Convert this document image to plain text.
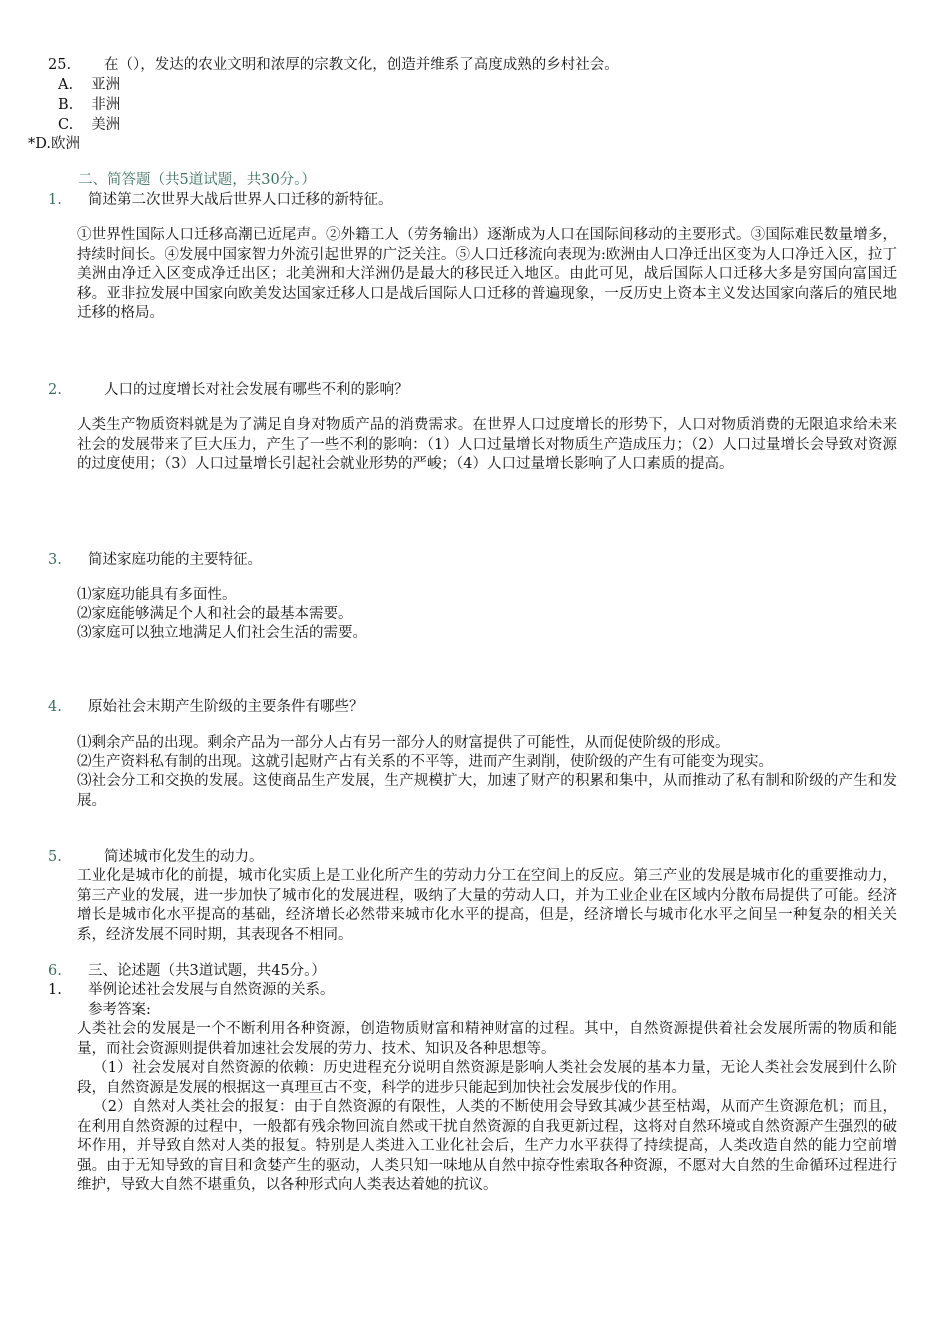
25. 在（），发达的农业文明和浓厚的宗教文化，创造并维系了高度成熟的乡村社会。
A. 亚洲
B. 非洲
C. 美洲
*D.欧洲
二、简答题（共5道试题，共30分。）
1. 简述第二次世界大战后世界人口迁移的新特征。
①世界性国际人口迁移高潮已近尾声。②外籍工人（劳务输出）逐渐成为人口在国际间移动的主要形式。③国际难民数量增多，持续时间长。④发展中国家智力外流引起世界的广泛关注。⑤人口迁移流向表现为:欧洲由人口净迁出区变为人口净迁入区，拉丁美洲由净迁入区变成净迁出区；北美洲和大洋洲仍是最大的移民迁入地区。由此可见，战后国际人口迁移大多是穷国向富国迁移。亚非拉发展中国家向欧美发达国家迁移人口是战后国际人口迁移的普遍现象，一反历史上资本主义发达国家向落后的殖民地迁移的格局。
2.	人口的过度增长对社会发展有哪些不利的影响？
人类生产物质资料就是为了满足自身对物质产品的消费需求。在世界人口过度增长的形势下，人口对物质消费的无限追求给未来社会的发展带来了巨大压力，产生了一些不利的影响：（1）人口过量增长对物质生产造成压力；（2）人口过量增长会导致对资源的过度使用；（3）人口过量增长引起社会就业形势的严峻；（4）人口过量增长影响了人口素质的提高。
3. 简述家庭功能的主要特征。
⑴家庭功能具有多面性。
⑵家庭能够满足个人和社会的最基本需要。
⑶家庭可以独立地满足人们社会生活的需要。
4. 原始社会末期产生阶级的主要条件有哪些？
⑴剩余产品的出现。剩余产品为一部分人占有另一部分人的财富提供了可能性，从而促使阶级的形成。
⑵生产资料私有制的出现。这就引起财产占有关系的不平等，进而产生剥削，使阶级的产生有可能变为现实。
⑶社会分工和交换的发展。这使商品生产发展，生产规模扩大，加速了财产的积累和集中，从而推动了私有制和阶级的产生和发展。
5.	简述城市化发生的动力。
工业化是城市化的前提，城市化实质上是工业化所产生的劳动力分工在空间上的反应。第三产业的发展是城市化的重要推动力，第三产业的发展，进一步加快了城市化的发展进程，吸纳了大量的劳动人口，并为工业企业在区域内分散布局提供了可能。经济增长是城市化水平提高的基础，经济增长必然带来城市化水平的提高，但是，经济增长与城市化水平之间呈一种复杂的相关关系，经济发展不同时期，其表现各不相同。
6. 三、论述题（共3道试题，共45分。）
1. 举例论述社会发展与自然资源的关系。
参考答案:
人类社会的发展是一个不断利用各种资源，创造物质财富和精神财富的过程。其中，自然资源提供着社会发展所需的物质和能量，而社会资源则提供着加速社会发展的劳力、技术、知识及各种思想等。
（1）社会发展对自然资源的依赖：历史进程充分说明自然资源是影响人类社会发展的基本力量，无论人类社会发展到什么阶段，自然资源是发展的根据这一真理亘古不变，科学的进步只能起到加快社会发展步伐的作用。
（2）自然对人类社会的报复：由于自然资源的有限性，人类的不断使用会导致其减少甚至枯竭，从而产生资源危机；而且，在利用自然资源的过程中，一般都有残余物回流自然或干扰自然资源的自我更新过程，这将对自然环境或自然资源产生强烈的破坏作用，并导致自然对人类的报复。特别是人类进入工业化社会后，生产力水平获得了持续提高，人类改造自然的能力空前增强。由于无知导致的盲目和贪婪产生的驱动，人类只知一味地从自然中掠夺性索取各种资源，不愿对大自然的生命循环过程进行维护，导致大自然不堪重负，以各种形式向人类表达着她的抗议。
